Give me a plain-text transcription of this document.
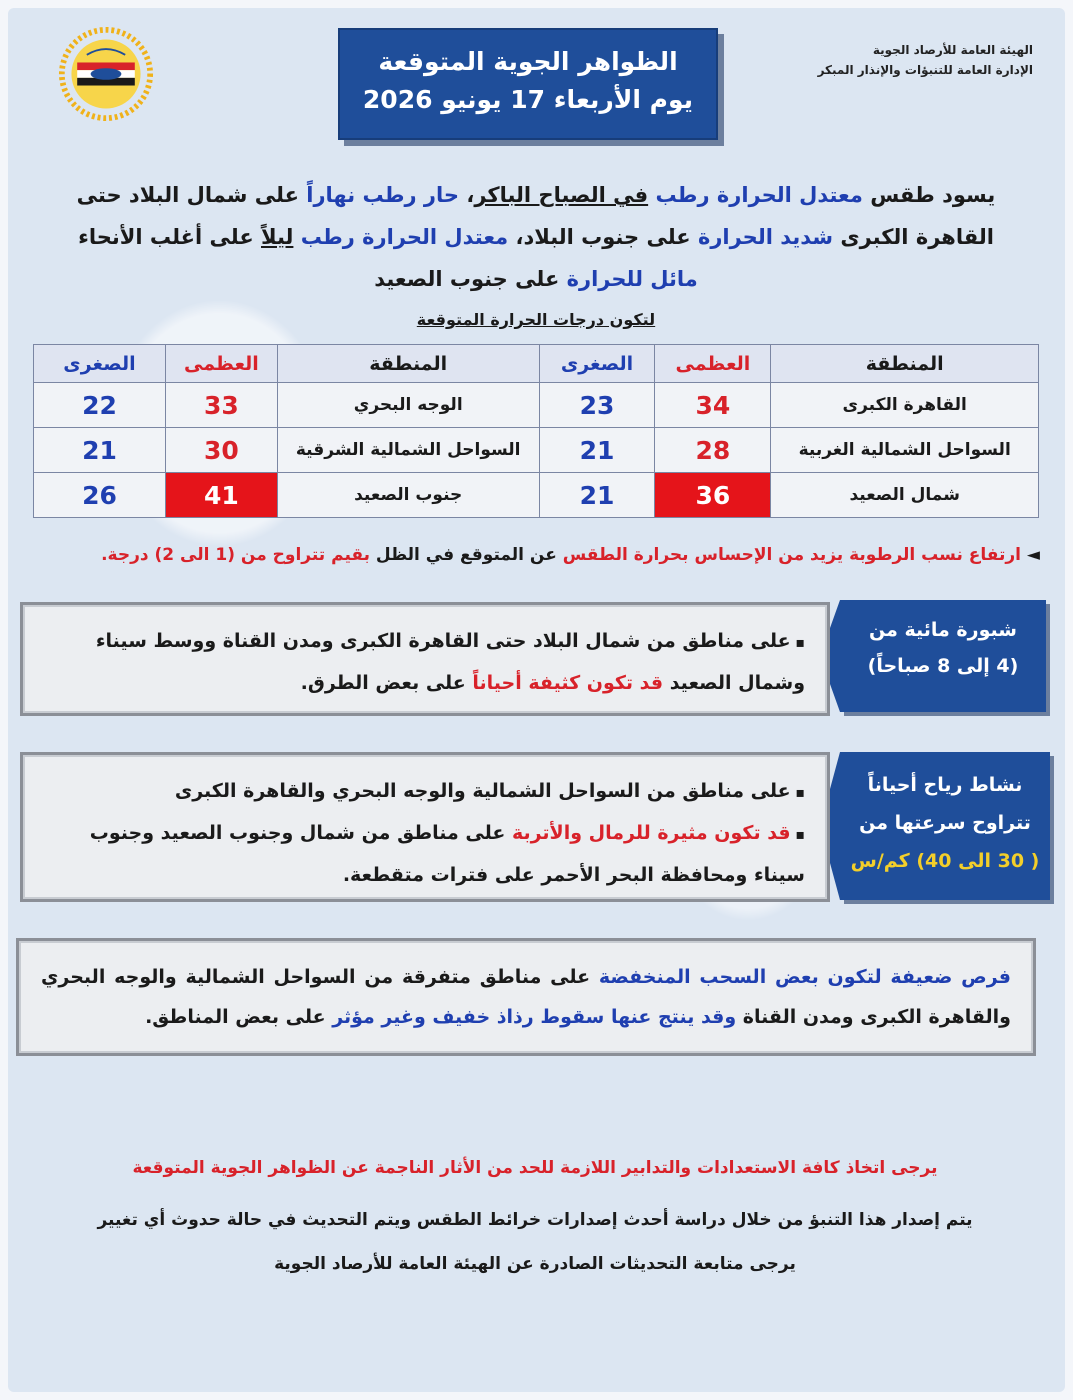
الهيئة العامة للأرصاد الجوية
الإدارة العامة للتنبؤات والإنذار المبكر
الظواهر الجوية المتوقعة
يوم الأربعاء 17 يونيو 2026
يسود طقس معتدل الحرارة رطب في الصباح الباكر، حار رطب نهاراً على شمال البلاد حتى القاهرة الكبرى شديد الحرارة على جنوب البلاد، معتدل الحرارة رطب ليلاً على أغلب الأنحاء مائل للحرارة على جنوب الصعيد
لتكون درجات الحرارة المتوقعة
المنطقة	العظمى	الصغرى	المنطقة	العظمى	الصغرى
القاهرة الكبرى	34	23	الوجه البحري	33	22
السواحل الشمالية الغربية	28	21	السواحل الشمالية الشرقية	30	21
شمال الصعيد	36	21	جنوب الصعيد	41	26
◄ ارتفاع نسب الرطوبة يزيد من الإحساس بحرارة الطقس عن المتوقع في الظل بقيم تتراوح من (1 الى 2) درجة.
شبورة مائية من
(4 إلى 8 صباحاً)
▪ على مناطق من شمال البلاد حتى القاهرة الكبرى ومدن القناة ووسط سيناء وشمال الصعيد قد تكون كثيفة أحياناً على بعض الطرق.
نشاط رياح أحياناً
تتراوح سرعتها من
( 30 الى 40) كم/س
▪ على مناطق من السواحل الشمالية والوجه البحري والقاهرة الكبرى
▪ قد تكون مثيرة للرمال والأتربة على مناطق من شمال وجنوب الصعيد وجنوب سيناء ومحافظة البحر الأحمر على فترات متقطعة.
فرص ضعيفة لتكون بعض السحب المنخفضة على مناطق متفرقة من السواحل الشمالية والوجه البحري والقاهرة الكبرى ومدن القناة وقد ينتج عنها سقوط رذاذ خفيف وغير مؤثر على بعض المناطق.
يرجى اتخاذ كافة الاستعدادات والتدابير اللازمة للحد من الأثار الناجمة عن الظواهر الجوية المتوقعة
يتم إصدار هذا التنبؤ من خلال دراسة أحدث إصدارات خرائط الطقس ويتم التحديث في حالة حدوث أي تغيير
يرجى متابعة التحديثات الصادرة عن الهيئة العامة للأرصاد الجوية
